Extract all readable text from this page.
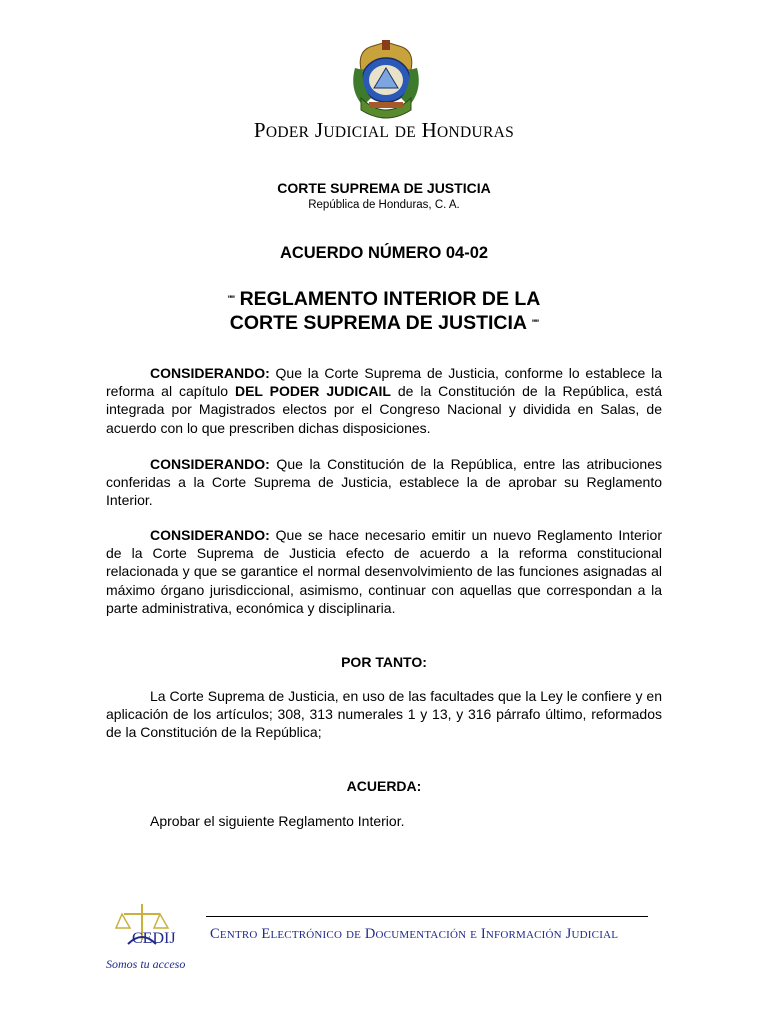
PODER JUDICIAL DE HONDURAS
CORTE SUPREMA DE JUSTICIA
República de Honduras, C. A.
ACUERDO NÚMERO 04-02
"" REGLAMENTO INTERIOR DE LA
CORTE SUPREMA DE JUSTICIA ""
CONSIDERANDO: Que la Corte Suprema de Justicia, conforme lo establece la reforma al capítulo DEL PODER JUDICAIL de la Constitución de la República, está integrada por Magistrados electos por el Congreso Nacional y dividida en Salas, de acuerdo con lo que prescriben dichas disposiciones.
CONSIDERANDO: Que la Constitución de la República, entre las atribuciones conferidas a la Corte Suprema de Justicia, establece la de aprobar su Reglamento Interior.
CONSIDERANDO: Que se hace necesario emitir un nuevo Reglamento Interior de la Corte Suprema de Justicia efecto de acuerdo a la reforma constitucional relacionada y que se garantice el normal desenvolvimiento de las funciones asignadas al máximo órgano jurisdiccional, asimismo, continuar con aquellas que correspondan a la parte administrativa, económica y disciplinaria.
POR TANTO:
La Corte Suprema de Justicia, en uso de las facultades que la Ley le confiere y en aplicación de los artículos; 308, 313 numerales 1 y 13, y 316 párrafo último, reformados de la Constitución de la República;
ACUERDA:
Aprobar el siguiente Reglamento Interior.
CEDIJ
Somos tu acceso
CENTRO ELECTRÓNICO DE DOCUMENTACIÓN E INFORMACIÓN JUDICIAL
